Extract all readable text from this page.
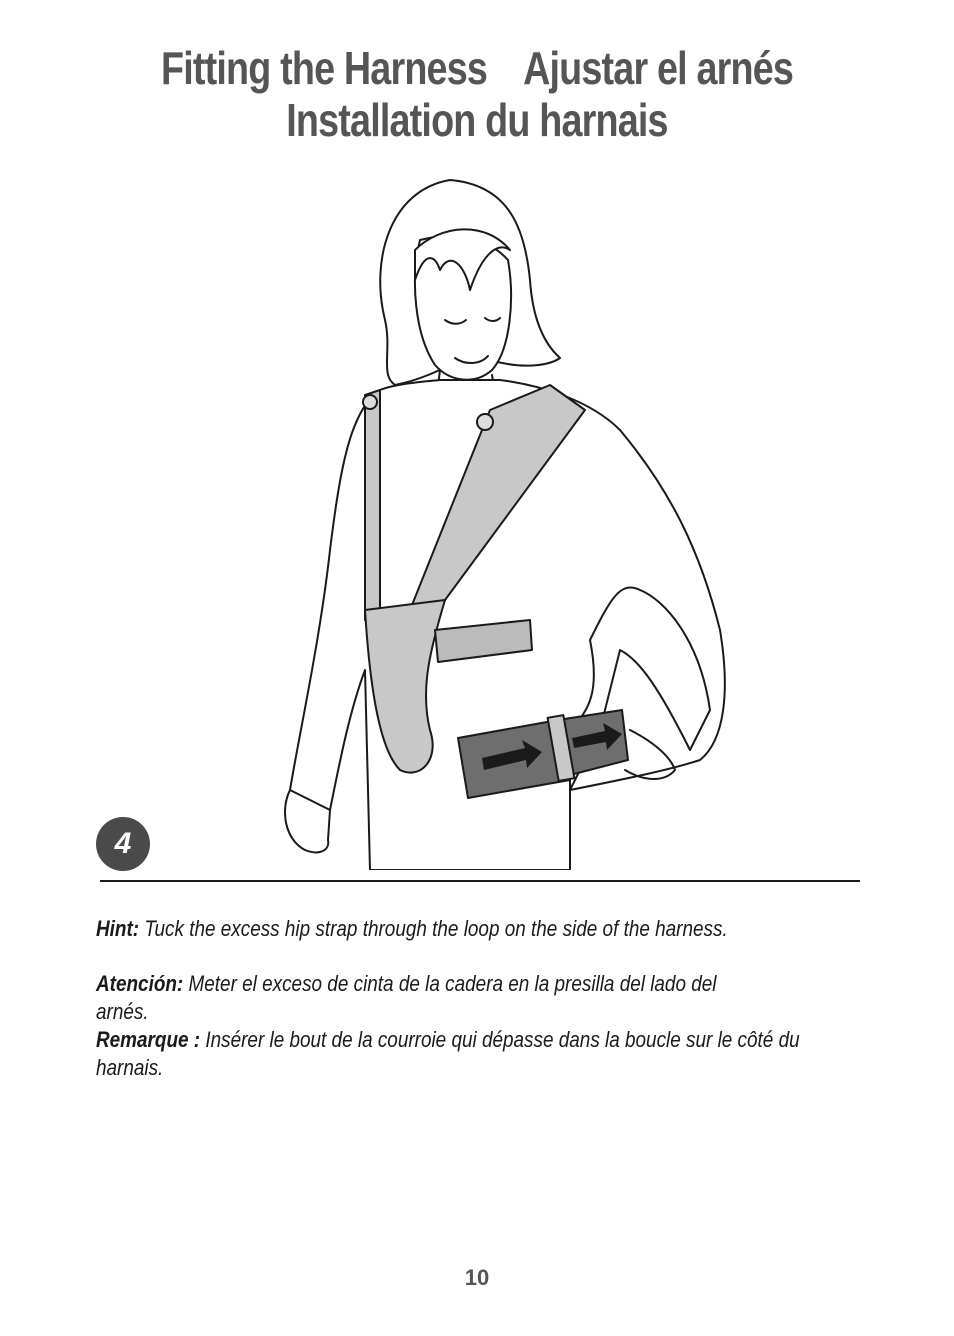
Fitting the Harness Ajustar el arnés
Installation du harnais
4
Hint: Tuck the excess hip strap through the loop on the side of the harness.
Atención: Meter el exceso de cinta de la cadera en la presilla del lado del arnés.
Remarque : Insérer le bout de la courroie qui dépasse dans la boucle sur le côté du harnais.
10
